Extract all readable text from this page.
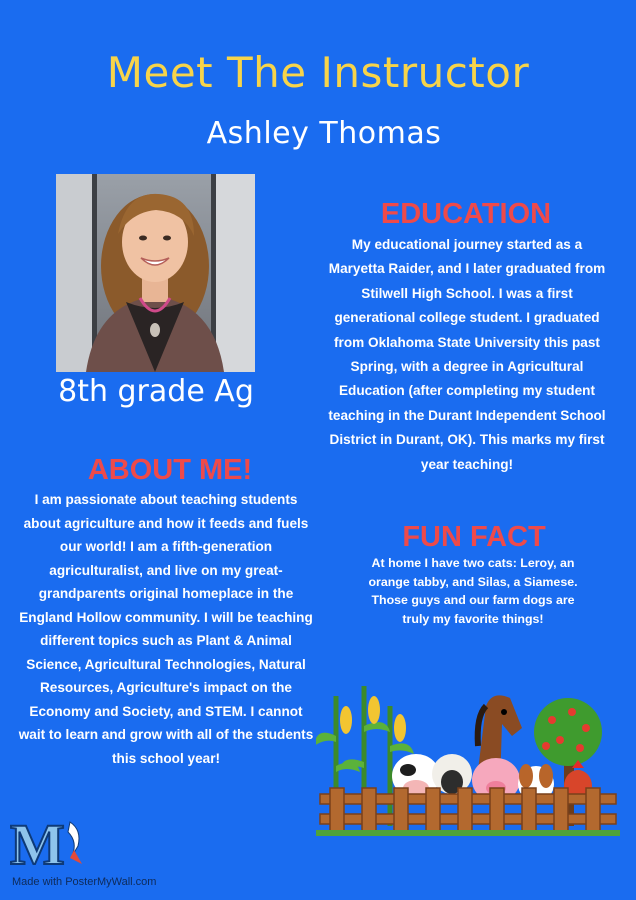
Meet The Instructor
Ashley Thomas
8th grade Ag
EDUCATION
My educational journey started as a Maryetta Raider, and I later graduated from Stilwell High School. I was a first generational college student. I graduated from Oklahoma State University this past Spring, with a degree in Agricultural Education (after completing my student teaching in the Durant Independent School District in Durant, OK). This marks my first year teaching!
ABOUT ME!
I am passionate about teaching students about agriculture and how it feeds and fuels our world! I am a fifth-generation agriculturalist, and live on my great-grandparents original homeplace in the England Hollow community. I will be teaching different topics such as Plant & Animal Science, Agricultural Technologies, Natural Resources, Agriculture's impact on the Economy and Society, and STEM. I cannot wait to learn and grow with all of the students this school year!
FUN FACT
At home I have two cats: Leroy, an orange tabby, and Silas, a Siamese. Those guys and our farm dogs are truly my favorite things!
M
Made with PosterMyWall.com
